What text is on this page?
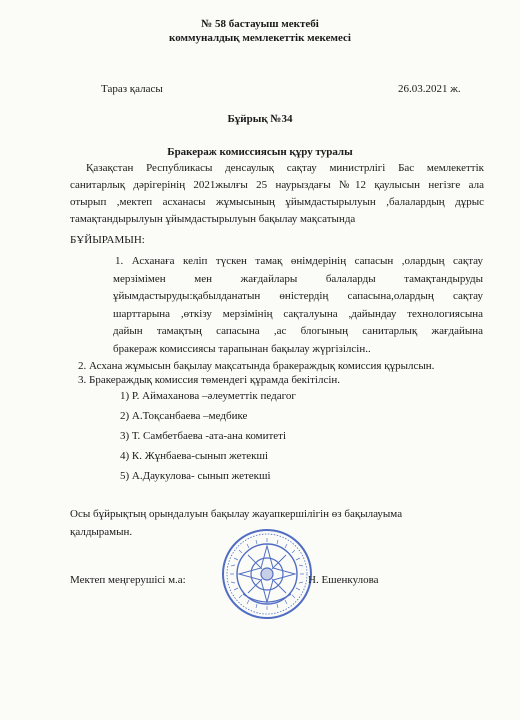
№ 58 бастауыш мектебі
коммуналдық мемлекеттік мекемесі
Тараз қаласы	26.03.2021 ж.
Бұйрық №34
Бракераж комиссиясын құру туралы
Қазақстан Республикасы денсаулық сақтау министрлігі Бас мемлекеттік
санитарлық дәрігерінің 2021жылғы 25 наурыздағы №12 қаулысын негізге ала
отырып ,мектеп асханасы жұмысының ұйымдастырылуын ,балалардың дұрыс
тамақтандырылуын ұйымдастырылуын бақылау мақсатында
БҰЙЫРАМЫН:
1. Асханаға келіп түскен тамақ өнімдерінің сапасын ,олардың сақтау
мерзімімен мен жағдайлары балаларды тамақтандыруды
ұйымдастыруды:қабылданатын өністердің сапасына,олардың сақтау
шарттарына ,өткізу мерзімінің сақталуына ,дайындау технологиясына
дайын тамақтың сапасына ,ас блогының санитарлық жағдайына
бракераж комиссиясы тарапынан бақылау жүргізілсін..
2. Асхана жұмысын бақылау мақсатында бракераждық комиссия құрылсын.
3. Бракераждық комиссия төмендегі құрамда бекітілсін.
1) Р. Аймаханова –әлеуметтік педагог
2) А.Тоқсанбаева –медбике
3) Т. Самбетбаева -ата-ана комитеті
4) К. Жұнбаева-сынып жетекші
5) А.Даукулова- сынып жетекші
Осы бұйрықтың орындалуын бақылау жауапкершілігін өз бақылауыма
қалдырамын.
Мектеп меңгерушісі м.а:	Н. Ешенкулова
